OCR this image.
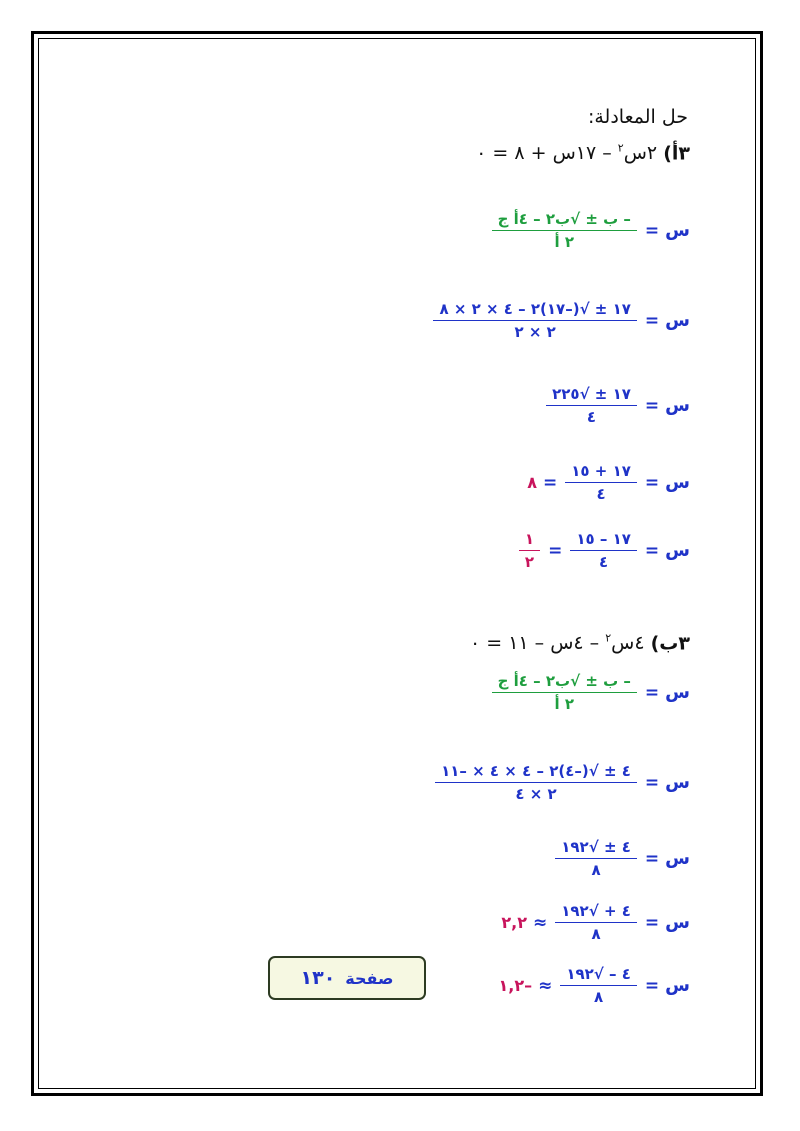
حل المعادلة:
٣أ) ٢س$^٢$ – ١٧س + ٨ = ٠
س
=
$\frac{\text{– ب ± √ب٢ – ٤أ ج}}{\text{٢ أ}}$
س
=
$\frac{١٧ \pm √(-١٧)٢ - ٤ \times ٢ \times ٨}{٢ \times ٢}$
س
=
$\frac{١٧ \pm √٢٢٥}{٤}$
س
=
$\frac{١٧ + ١٥}{٤}$
=
٨
س
=
$\frac{١٧ - ١٥}{٤}$
=
$\frac{١}{٢}$
٣ب) ٤س$^٢$ – ٤س – ١١ = ٠
س
=
$\frac{\text{– ب ± √ب٢ – ٤أ ج}}{\text{٢ أ}}$
س
=
$\frac{٤ \pm √(-٤)٢ - ٤ \times ٤ \times -١١}{٢ \times ٤}$
س
=
$\frac{٤ \pm √١٩٢}{٨}$
س
=
$\frac{٤ + √١٩٢}{٨}$
≈
٢,٢
س
=
$\frac{٤ - √١٩٢}{٨}$
≈
–١,٢
صفحة
١٣٠
